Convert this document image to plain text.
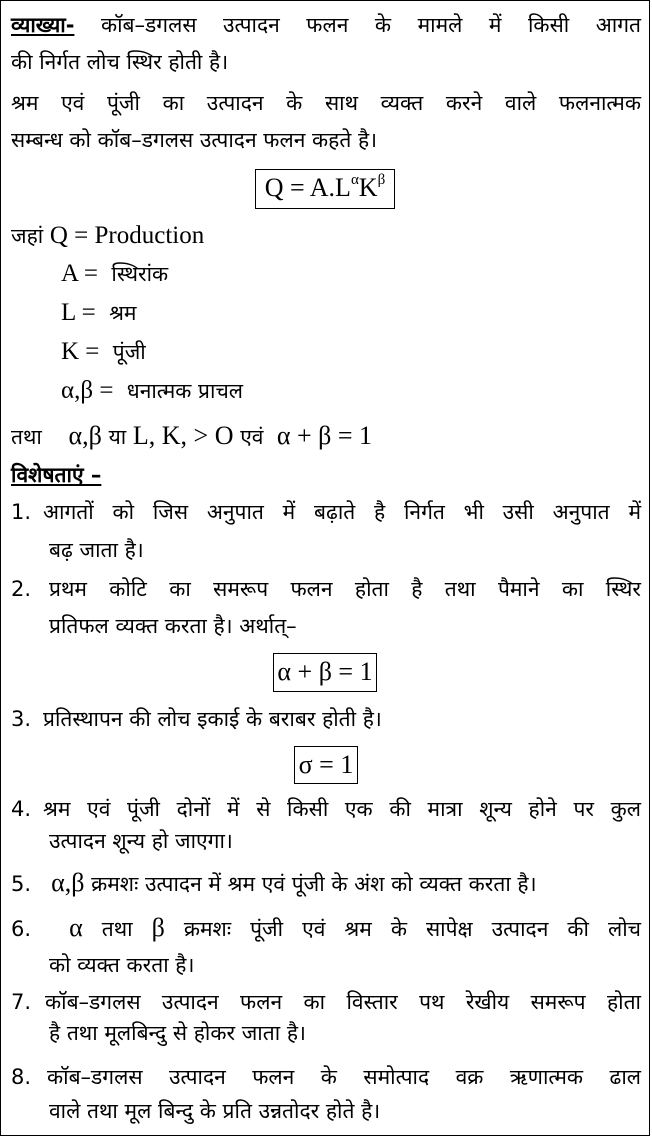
व्याख्या- कॉब–डगलस उत्पादन फलन के मामले में किसी आगत
की निर्गत लोच स्थिर होती है।
श्रम एवं पूंजी का उत्पादन के साथ व्यक्त करने वाले फलनात्मक
सम्बन्ध को कॉब–डगलस उत्पादन फलन कहते है।
$Q = A.L^\alpha K^\beta$
जहां Q = Production
A = स्थिरांक
L = श्रम
K = पूंजी
α,β = धनात्मक प्राचल
तथा α,β या L, K, > O एवं α + β = 1
विशेषताएं –
1. आगतों को जिस अनुपात में बढ़ाते है निर्गत भी उसी अनुपात में
बढ़ जाता है।
2. प्रथम कोटि का समरूप फलन होता है तथा पैमाने का स्थिर
प्रतिफल व्यक्त करता है। अर्थात्–
α + β = 1
3. प्रतिस्थापन की लोच इकाई के बराबर होती है।
σ = 1
4. श्रम एवं पूंजी दोनों में से किसी एक की मात्रा शून्य होने पर कुल
उत्पादन शून्य हो जाएगा।
5. α,β क्रमशः उत्पादन में श्रम एवं पूंजी के अंश को व्यक्त करता है।
6. α तथा β क्रमशः पूंजी एवं श्रम के सापेक्ष उत्पादन की लोच
को व्यक्त करता है।
7. कॉब–डगलस उत्पादन फलन का विस्तार पथ रेखीय समरूप होता
है तथा मूलबिन्दु से होकर जाता है।
8. कॉब–डगलस उत्पादन फलन के समोत्पाद वक्र ऋणात्मक ढाल
वाले तथा मूल बिन्दु के प्रति उन्नतोदर होते है।
